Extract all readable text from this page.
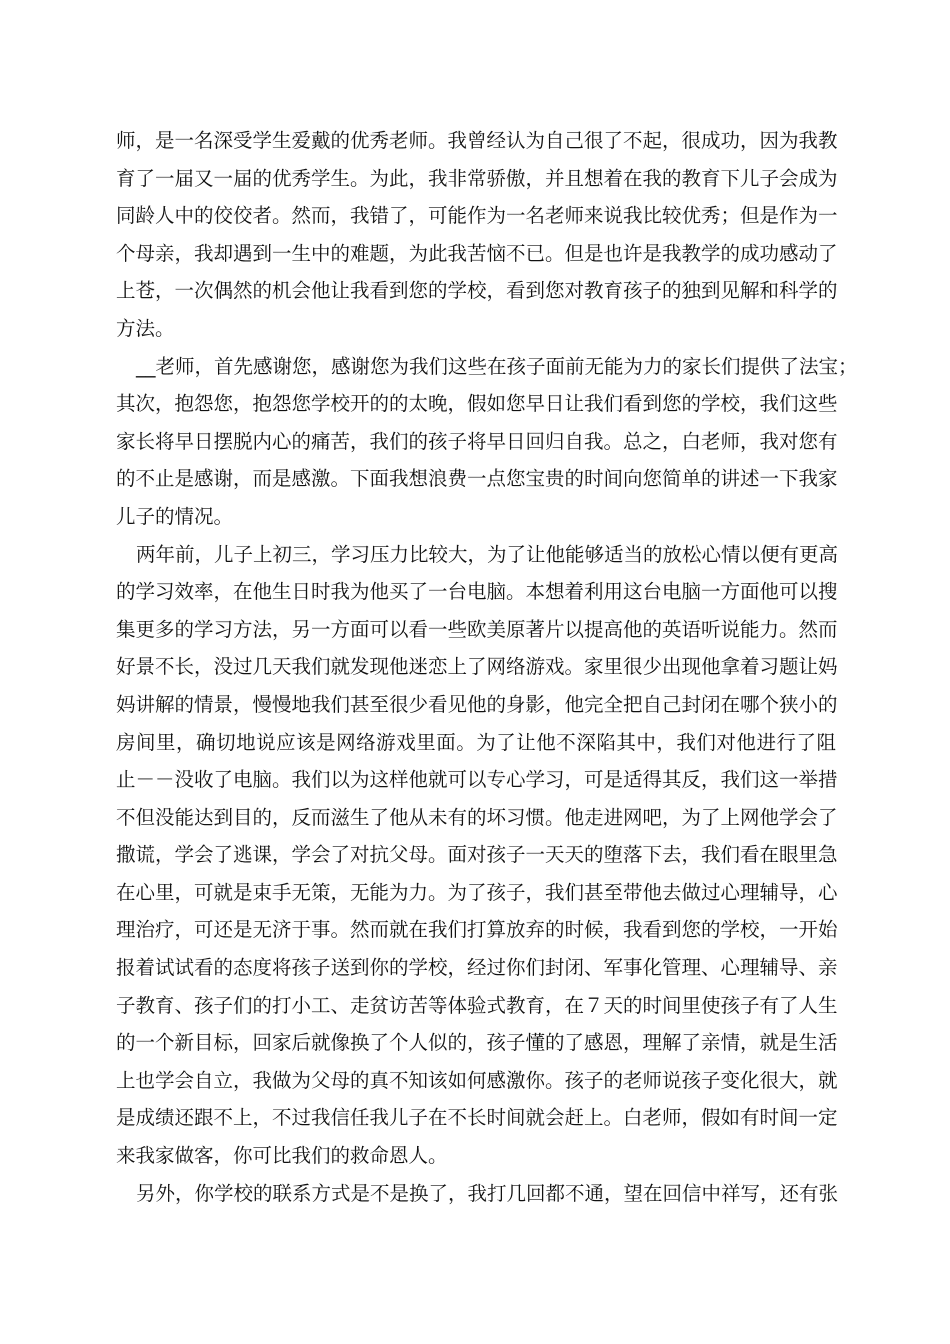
师，是一名深受学生爱戴的优秀老师。我曾经认为自己很了不起，很成功，因为我教
育了一届又一届的优秀学生。为此，我非常骄傲，并且想着在我的教育下儿子会成为
同龄人中的佼佼者。然而，我错了，可能作为一名老师来说我比较优秀；但是作为一
个母亲，我却遇到一生中的难题，为此我苦恼不已。但是也许是我教学的成功感动了
上苍，一次偶然的机会他让我看到您的学校，看到您对教育孩子的独到见解和科学的
方法。
__老师，首先感谢您，感谢您为我们这些在孩子面前无能为力的家长们提供了法宝；
其次，抱怨您，抱怨您学校开的的太晚，假如您早日让我们看到您的学校，我们这些
家长将早日摆脱内心的痛苦，我们的孩子将早日回归自我。总之，白老师，我对您有
的不止是感谢，而是感激。下面我想浪费一点您宝贵的时间向您简单的讲述一下我家
儿子的情况。
两年前，儿子上初三，学习压力比较大，为了让他能够适当的放松心情以便有更高
的学习效率，在他生日时我为他买了一台电脑。本想着利用这台电脑一方面他可以搜
集更多的学习方法，另一方面可以看一些欧美原著片以提高他的英语听说能力。然而
好景不长，没过几天我们就发现他迷恋上了网络游戏。家里很少出现他拿着习题让妈
妈讲解的情景，慢慢地我们甚至很少看见他的身影，他完全把自己封闭在哪个狭小的
房间里，确切地说应该是网络游戏里面。为了让他不深陷其中，我们对他进行了阻
止－－没收了电脑。我们以为这样他就可以专心学习，可是适得其反，我们这一举措
不但没能达到目的，反而滋生了他从未有的坏习惯。他走进网吧，为了上网他学会了
撒谎，学会了逃课，学会了对抗父母。面对孩子一天天的堕落下去，我们看在眼里急
在心里，可就是束手无策，无能为力。为了孩子，我们甚至带他去做过心理辅导，心
理治疗，可还是无济于事。然而就在我们打算放弃的时候，我看到您的学校，一开始
报着试试看的态度将孩子送到你的学校，经过你们封闭、军事化管理、心理辅导、亲
子教育、孩子们的打小工、走贫访苦等体验式教育，在７天的时间里使孩子有了人生
的一个新目标，回家后就像换了个人似的，孩子懂的了感恩，理解了亲情，就是生活
上也学会自立，我做为父母的真不知该如何感激你。孩子的老师说孩子变化很大，就
是成绩还跟不上，不过我信任我儿子在不长时间就会赶上。白老师，假如有时间一定
来我家做客，你可比我们的救命恩人。
另外，你学校的联系方式是不是换了，我打几回都不通，望在回信中祥写，还有张
